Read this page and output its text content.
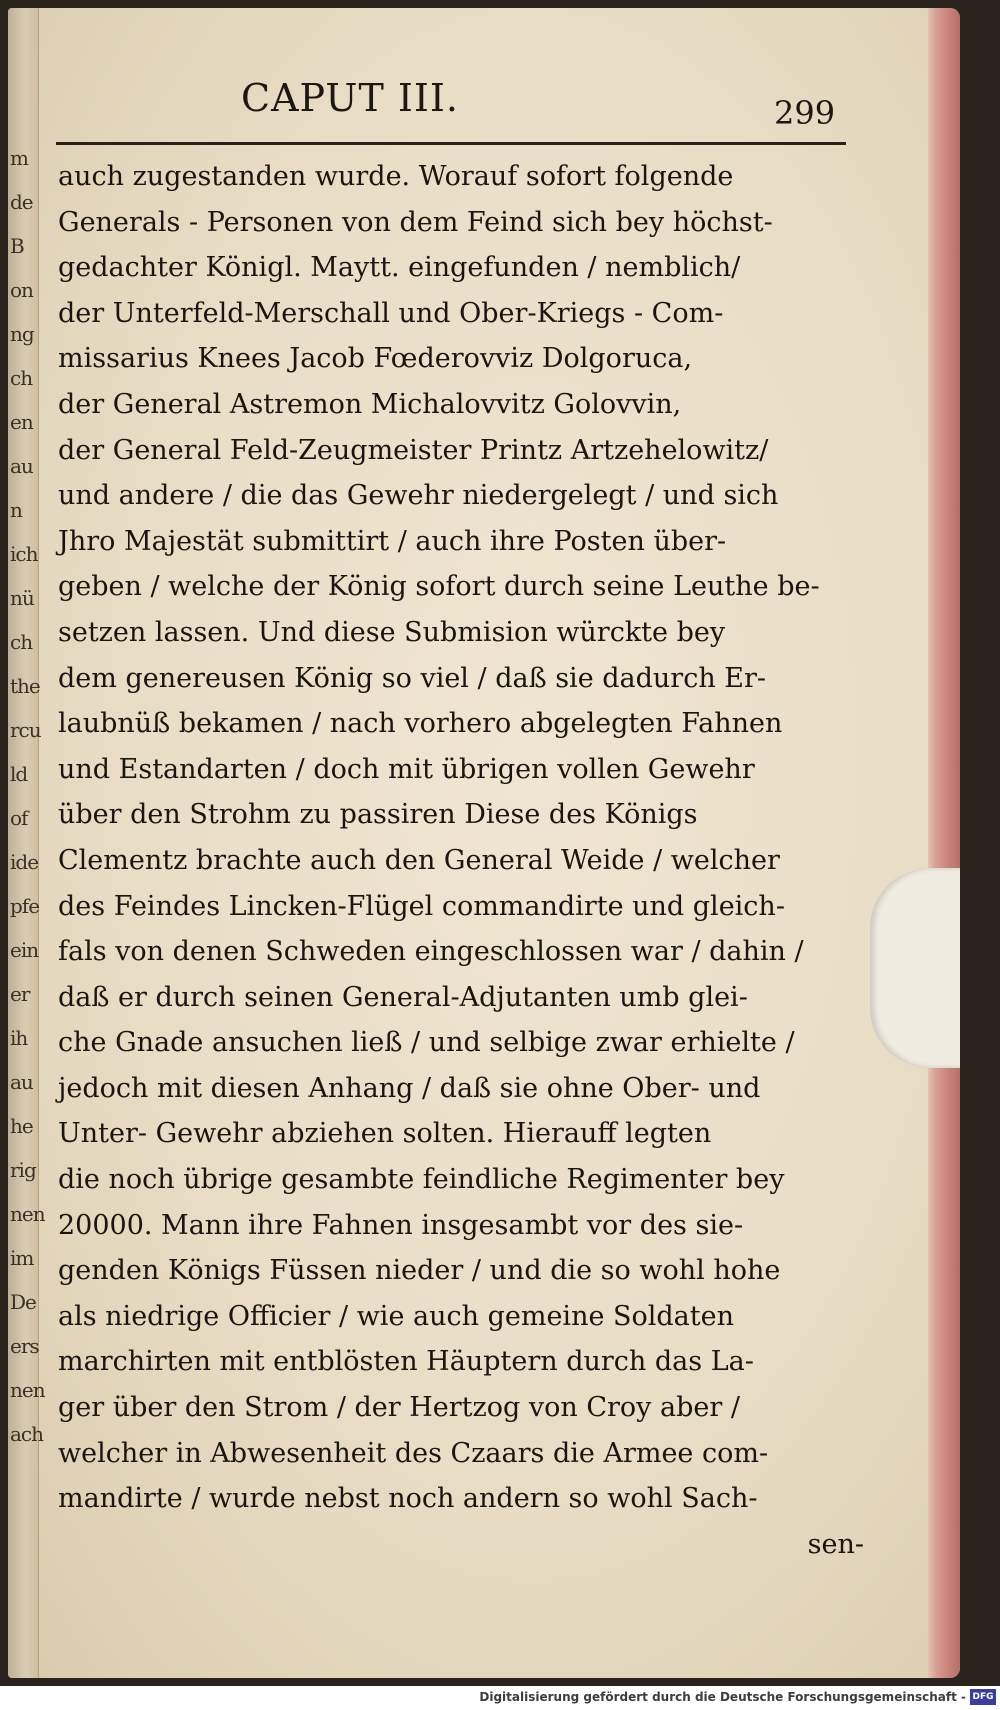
m
de
B
on
ng
ch
en
au
n
ich
nü
ch
the
rcu
ld
of
ide
pfe
ein
er
ih
au
he
rig
nen
im
De
ers
nen
ach
CAPUT III.	299
auch zugestanden wurde. Worauf sofort folgende
Generals - Personen von dem Feind sich bey höchst-
gedachter Königl. Maytt. eingefunden / nemblich/
der Unterfeld-Merschall und Ober-Kriegs - Com-
missarius Knees Jacob Fœderovviz Dolgoruca,
der General Astremon Michalovvitz Golovvin,
der General Feld-Zeugmeister Printz Artzehelowitz/
und andere / die das Gewehr niedergelegt / und sich
Jhro Majestät submittirt / auch ihre Posten über-
geben / welche der König sofort durch seine Leuthe be-
setzen lassen. Und diese Submision würckte bey
dem genereusen König so viel / daß sie dadurch Er-
laubnüß bekamen / nach vorhero abgelegten Fahnen
und Estandarten / doch mit übrigen vollen Gewehr
über den Strohm zu passiren Diese des Königs
Clementz brachte auch den General Weide / welcher
des Feindes Lincken-Flügel commandirte und gleich-
fals von denen Schweden eingeschlossen war / dahin /
daß er durch seinen General-Adjutanten umb glei-
che Gnade ansuchen ließ / und selbige zwar erhielte /
jedoch mit diesen Anhang / daß sie ohne Ober- und
Unter- Gewehr abziehen solten. Hierauff legten
die noch übrige gesambte feindliche Regimenter bey
20000. Mann ihre Fahnen insgesambt vor des sie-
genden Königs Füssen nieder / und die so wohl hohe
als niedrige Officier / wie auch gemeine Soldaten
marchirten mit entblösten Häuptern durch das La-
ger über den Strom / der Hertzog von Croy aber /
welcher in Abwesenheit des Czaars die Armee com-
mandirte / wurde nebst noch andern so wohl Sach-
sen-
Digitalisierung gefördert durch die Deutsche Forschungsgemeinschaft - DFG
